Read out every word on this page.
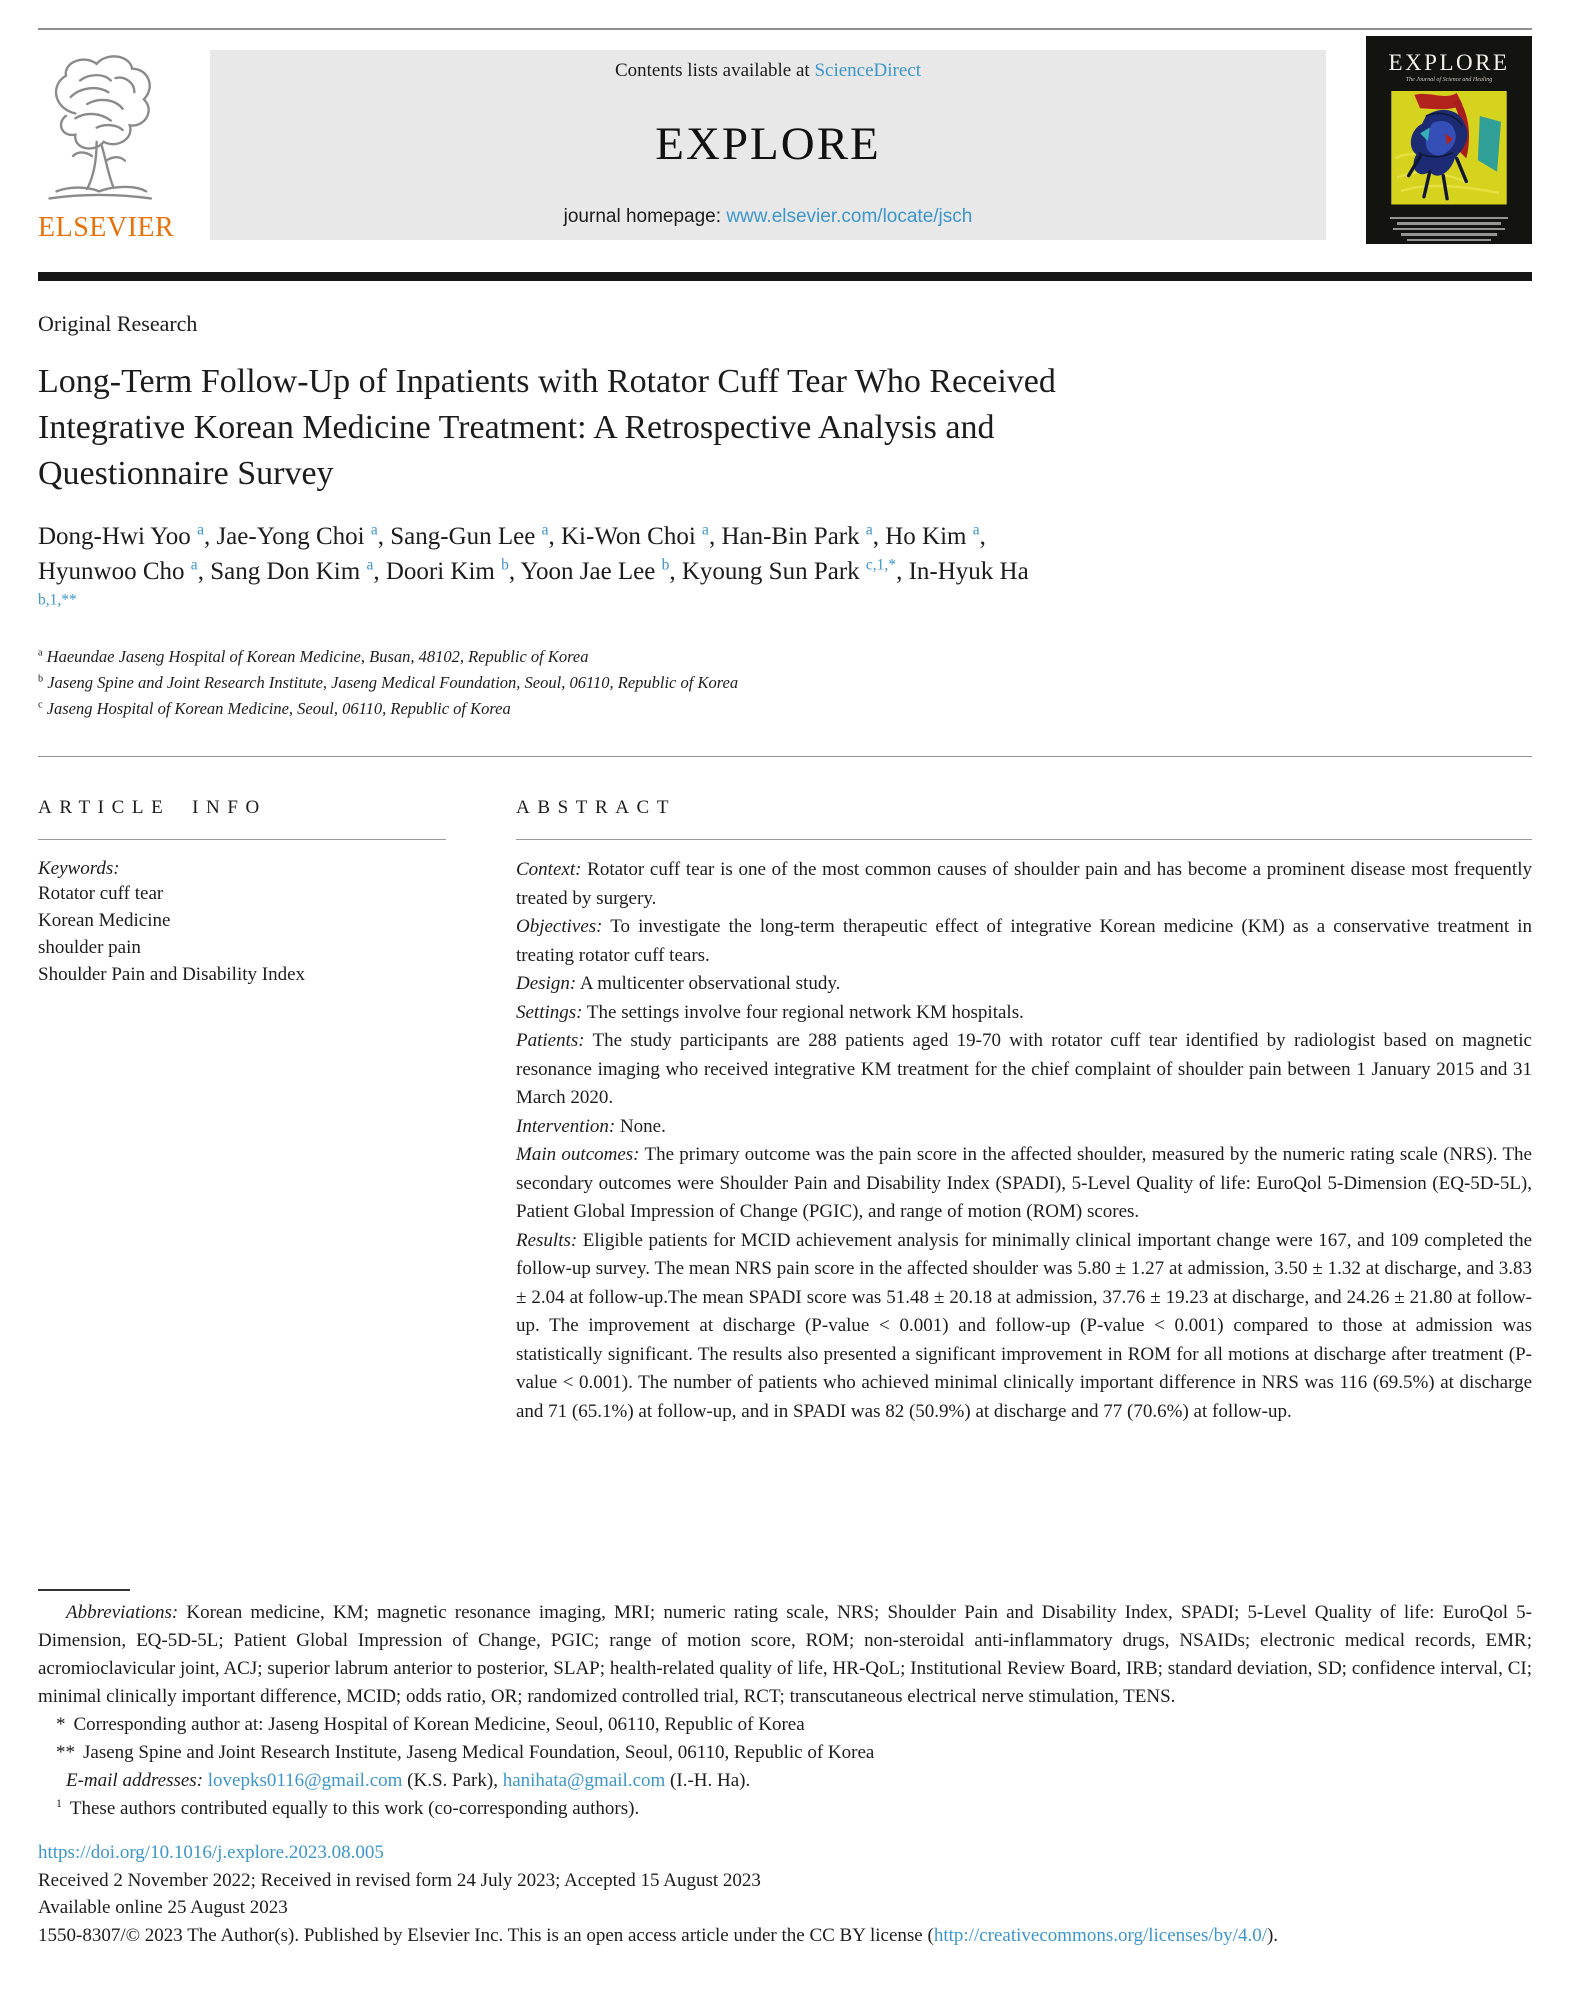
ELSEVIER
Contents lists available at ScienceDirect
EXPLORE
journal homepage: www.elsevier.com/locate/jsch
EXPLORE
The Journal of Science and Healing
Original Research
Long-Term Follow-Up of Inpatients with Rotator Cuff Tear Who Received Integrative Korean Medicine Treatment: A Retrospective Analysis and Questionnaire Survey
Dong-Hwi Yoo $^a$, Jae-Yong Choi $^a$, Sang-Gun Lee $^a$, Ki-Won Choi $^a$, Han-Bin Park $^a$, Ho Kim $^a$, Hyunwoo Cho $^a$, Sang Don Kim $^a$, Doori Kim $^b$, Yoon Jae Lee $^b$, Kyoung Sun Park $^{c,1,*}$, In-Hyuk Ha $^{b,1,**}$
$^a$ Haeundae Jaseng Hospital of Korean Medicine, Busan, 48102, Republic of Korea
$^b$ Jaseng Spine and Joint Research Institute, Jaseng Medical Foundation, Seoul, 06110, Republic of Korea
$^c$ Jaseng Hospital of Korean Medicine, Seoul, 06110, Republic of Korea
ARTICLE INFO
Keywords:
Rotator cuff tear
Korean Medicine
shoulder pain
Shoulder Pain and Disability Index
ABSTRACT
Context: Rotator cuff tear is one of the most common causes of shoulder pain and has become a prominent disease most frequently treated by surgery.
Objectives: To investigate the long-term therapeutic effect of integrative Korean medicine (KM) as a conservative treatment in treating rotator cuff tears.
Design: A multicenter observational study.
Settings: The settings involve four regional network KM hospitals.
Patients: The study participants are 288 patients aged 19-70 with rotator cuff tear identified by radiologist based on magnetic resonance imaging who received integrative KM treatment for the chief complaint of shoulder pain between 1 January 2015 and 31 March 2020.
Intervention: None.
Main outcomes: The primary outcome was the pain score in the affected shoulder, measured by the numeric rating scale (NRS). The secondary outcomes were Shoulder Pain and Disability Index (SPADI), 5-Level Quality of life: EuroQol 5-Dimension (EQ-5D-5L), Patient Global Impression of Change (PGIC), and range of motion (ROM) scores.
Results: Eligible patients for MCID achievement analysis for minimally clinical important change were 167, and 109 completed the follow-up survey. The mean NRS pain score in the affected shoulder was 5.80 ± 1.27 at admission, 3.50 ± 1.32 at discharge, and 3.83 ± 2.04 at follow-up.The mean SPADI score was 51.48 ± 20.18 at admission, 37.76 ± 19.23 at discharge, and 24.26 ± 21.80 at follow-up. The improvement at discharge (P-value < 0.001) and follow-up (P-value < 0.001) compared to those at admission was statistically significant. The results also presented a significant improvement in ROM for all motions at discharge after treatment (P-value < 0.001). The number of patients who achieved minimal clinically important difference in NRS was 116 (69.5%) at discharge and 71 (65.1%) at follow-up, and in SPADI was 82 (50.9%) at discharge and 77 (70.6%) at follow-up.
Abbreviations: Korean medicine, KM; magnetic resonance imaging, MRI; numeric rating scale, NRS; Shoulder Pain and Disability Index, SPADI; 5-Level Quality of life: EuroQol 5-Dimension, EQ-5D-5L; Patient Global Impression of Change, PGIC; range of motion score, ROM; non-steroidal anti-inflammatory drugs, NSAIDs; electronic medical records, EMR; acromioclavicular joint, ACJ; superior labrum anterior to posterior, SLAP; health-related quality of life, HR-QoL; Institutional Review Board, IRB; standard deviation, SD; confidence interval, CI; minimal clinically important difference, MCID; odds ratio, OR; randomized controlled trial, RCT; transcutaneous electrical nerve stimulation, TENS.
* Corresponding author at: Jaseng Hospital of Korean Medicine, Seoul, 06110, Republic of Korea
** Jaseng Spine and Joint Research Institute, Jaseng Medical Foundation, Seoul, 06110, Republic of Korea
E-mail addresses: lovepks0116@gmail.com (K.S. Park), hanihata@gmail.com (I.-H. Ha).
$^1$ These authors contributed equally to this work (co-corresponding authors).
https://doi.org/10.1016/j.explore.2023.08.005
Received 2 November 2022; Received in revised form 24 July 2023; Accepted 15 August 2023
Available online 25 August 2023
1550-8307/© 2023 The Author(s). Published by Elsevier Inc. This is an open access article under the CC BY license (http://creativecommons.org/licenses/by/4.0/).
